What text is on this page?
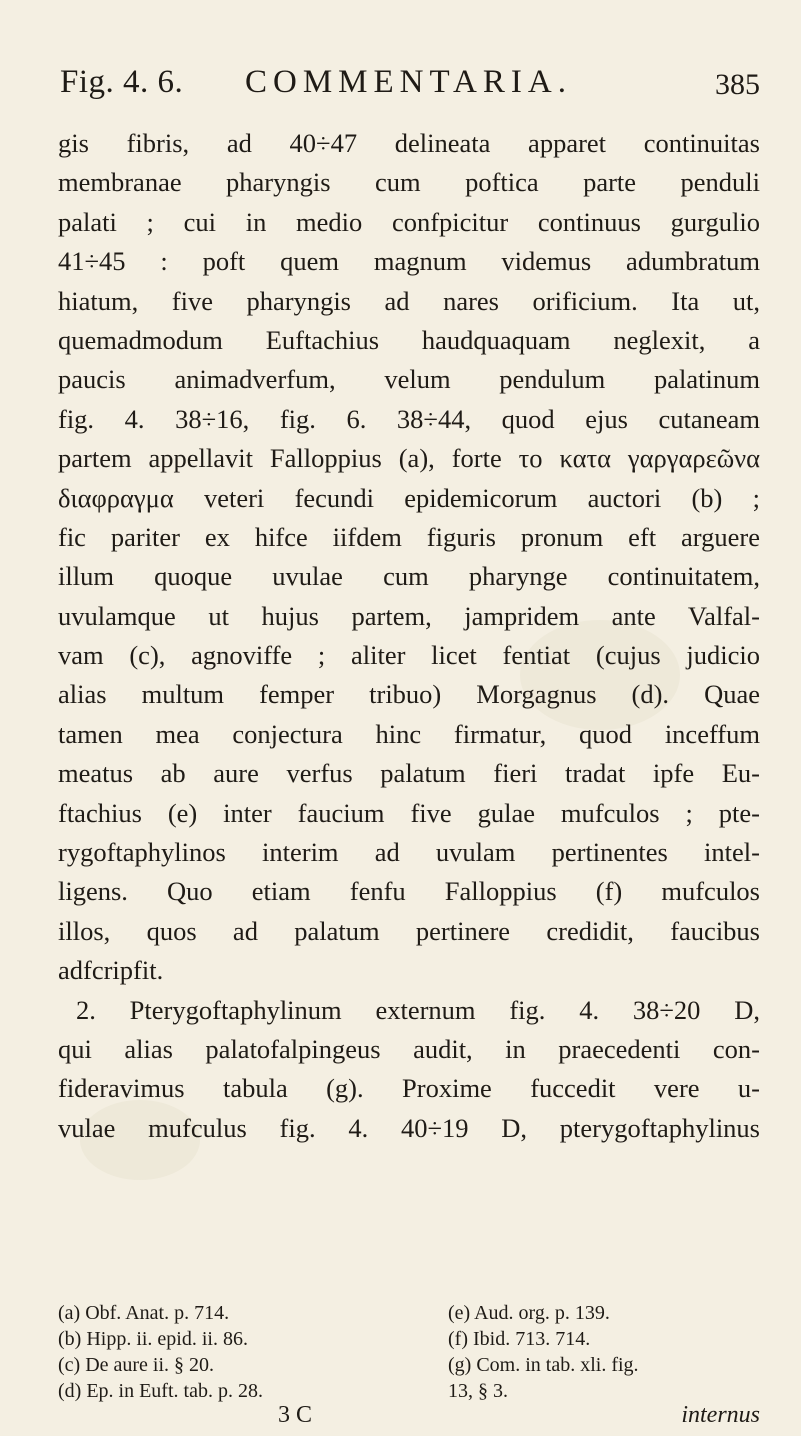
Fig. 4. 6. COMMENTARIA.	385
gis fibris, ad 40÷47 delineata apparet continuitas
membranae pharyngis cum poftica parte penduli
palati ; cui in medio confpicitur continuus gurgulio
41÷45 : poft quem magnum videmus adumbratum
hiatum, five pharyngis ad nares orificium. Ita ut,
quemadmodum Euftachius haudquaquam neglexit, a
paucis animadverfum, velum pendulum palatinum
fig. 4. 38÷16, fig. 6. 38÷44, quod ejus cutaneam
partem appellavit Falloppius (a), forte το κατα γαργαρεῶνα
διαφραγμα veteri fecundi epidemicorum auctori (b) ;
fic pariter ex hifce iifdem figuris pronum eft arguere
illum quoque uvulae cum pharynge continuitatem,
uvulamque ut hujus partem, jampridem ante Valfal-
vam (c), agnoviffe ; aliter licet fentiat (cujus judicio
alias multum femper tribuo) Morgagnus (d). Quae
tamen mea conjectura hinc firmatur, quod inceffum
meatus ab aure verfus palatum fieri tradat ipfe Eu-
ftachius (e) inter faucium five gulae mufculos ; pte-
rygoftaphylinos interim ad uvulam pertinentes intel-
ligens. Quo etiam fenfu Falloppius (f) mufculos
illos, quos ad palatum pertinere credidit, faucibus
adfcripfit.
2. Pterygoftaphylinum externum fig. 4. 38÷20 D,
qui alias palatofalpingeus audit, in praecedenti con-
fideravimus tabula (g). Proxime fuccedit vere u-
vulae mufculus fig. 4. 40÷19 D, pterygoftaphylinus
(a) Obf. Anat. p. 714.	(e) Aud. org. p. 139.
(b) Hipp. ii. epid. ii. 86.	(f) Ibid. 713. 714.
(c) De aure ii. § 20.	(g) Com. in tab. xli. fig.
(d) Ep. in Euft. tab. p. 28.	13, § 3.
3 C	internus
